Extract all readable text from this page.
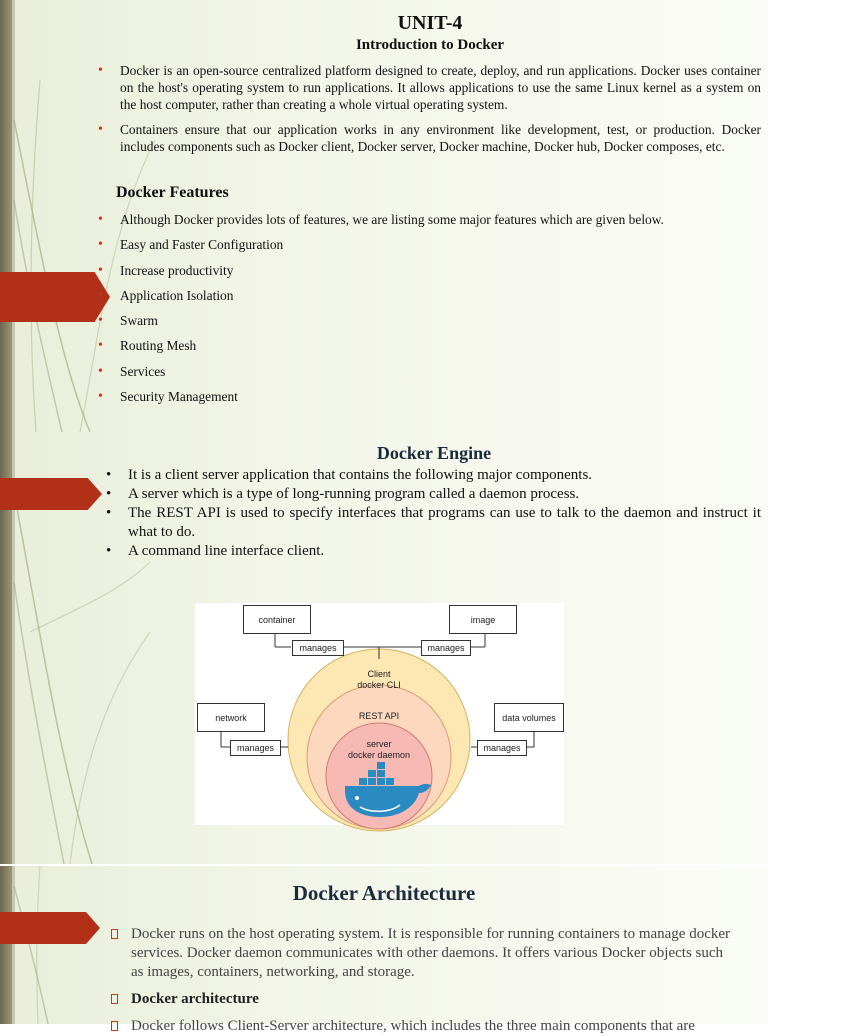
UNIT-4
Introduction to Docker
• Docker is an open-source centralized platform designed to create, deploy, and run applications. Docker uses container on the host's operating system to run applications. It allows applications to use the same Linux kernel as a system on the host computer, rather than creating a whole virtual operating system.
• Containers ensure that our application works in any environment like development, test, or production. Docker includes components such as Docker client, Docker server, Docker machine, Docker hub, Docker composes, etc.
Docker Features
• Although Docker provides lots of features, we are listing some major features which are given below.
• Easy and Faster Configuration
• Increase productivity
• Application Isolation
• Swarm
• Routing Mesh
• Services
• Security Management
Docker Engine
• It is a client server application that contains the following major components.
• A server which is a type of long-running program called a daemon process.
• The REST API is used to specify interfaces that programs can use to talk to the daemon and instruct it what to do.
• A command line interface client.
container	image
manages	manages
network	data volumes
manages	manages
Client
docker CLI
REST API
server
docker daemon
Docker Architecture
Docker runs on the host operating system. It is responsible for running containers to manage docker services. Docker daemon communicates with other daemons. It offers various Docker objects such as images, containers, networking, and storage.
Docker architecture
Docker follows Client-Server architecture, which includes the three main components that are
